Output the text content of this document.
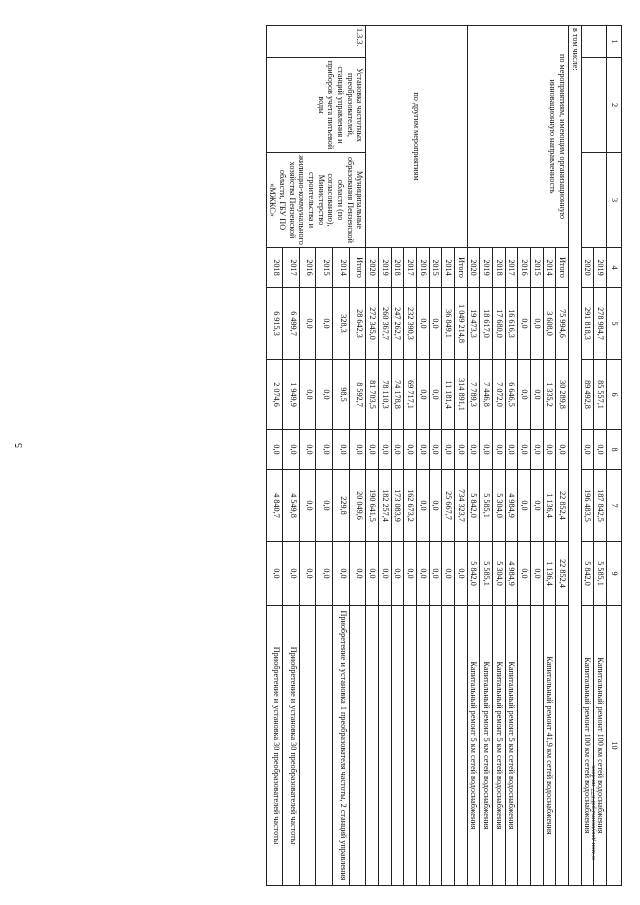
5
c:\мои документы\pdf\677-пп.docx
1	2	3	4	5	6	8	7	9	10
			2019	278 984,7	85 557,1	0,0	187 842,5	5 585,1	Капитальный ремонт 100 км сетей водоснабжения
			2020	291 818,3	89 492,8	0,0	196 483,5	5 842,0	Капитальный ремонт 100 км сетей водоснабжения
в том числе:									
по мероприятиям, имеющим организационную инновационную направленность			Итого	75 994,6	30 289,8	0,0	22 852,4	22 852,4	
			2014	3 608,0	1 335,2	0,0	1 136,4	1 136,4	Капитальный ремонт 41,9 км сетей водоснабжения
			2015	0,0	0,0	0,0	0,0	0,0	
			2016	0,0	0,0	0,0	0,0	0,0	
			2017	16 616,3	6 646,5	0,0	4 984,9	4 984,9	Капитальный ремонт 5 км сетей водоснабжения
			2018	17 680,0	7 072,0	0,0	5 304,0	5 304,0	Капитальный ремонт 5 км сетей водоснабжения
			2019	18 617,0	7 446,8	0,0	5 585,1	5 585,1	Капитальный ремонт 5 км сетей водоснабжения
			2020	19 473,3	7 789,3	0,0	5 842,0	5 842,0	Капитальный ремонт 5 км сетей водоснабжения
по другим мероприятиям			Итого	1 049 214,8	314 891,1	0,0	734 323,7	0,0	
			2014	36 849,1	11 181,4	0,0	25 667,7	0,0	
			2015	0,0	0,0	0,0	0,0	0,0	
			2016	0,0	0,0	0,0	0,0	0,0	
			2017	232 390,3	69 717,1	0,0	162 673,2	0,0	
			2018	247 262,7	74 178,8	0,0	173 083,9	0,0	
			2019	260 367,7	78 110,3	0,0	182 257,4	0,0	
			2020	272 345,0	81 703,5	0,0	190 641,5	0,0	
1.3.3.	Установка частотных преобразователей, станций управления и приборов учета питьевой воды	Муниципальные образования Пензенской области (по согласованию), Министерство строительства и жилищно-коммунального хозяйства Пензенской области, ГБУ ПО «МЖКС»	Итого	28 642,3	8 592,7	0,0	20 049,6	0,0	
			2014	328,3	98,5	0,0	229,8	0,0	Приобретение и установка 1 преобразователя частоты, 2 станций управления
			2015	0,0	0,0	0,0	0,0	0,0	
			2016	0,0	0,0	0,0	0,0	0,0	
			2017	6 499,7	1 949,9	0,0	4 549,8	0,0	Приобретение и установка 30 преобразователей частоты
			2018	6 915,3	2 074,6	0,0	4 840,7	0,0	Приобретение и установка 30 преобразователей частоты
